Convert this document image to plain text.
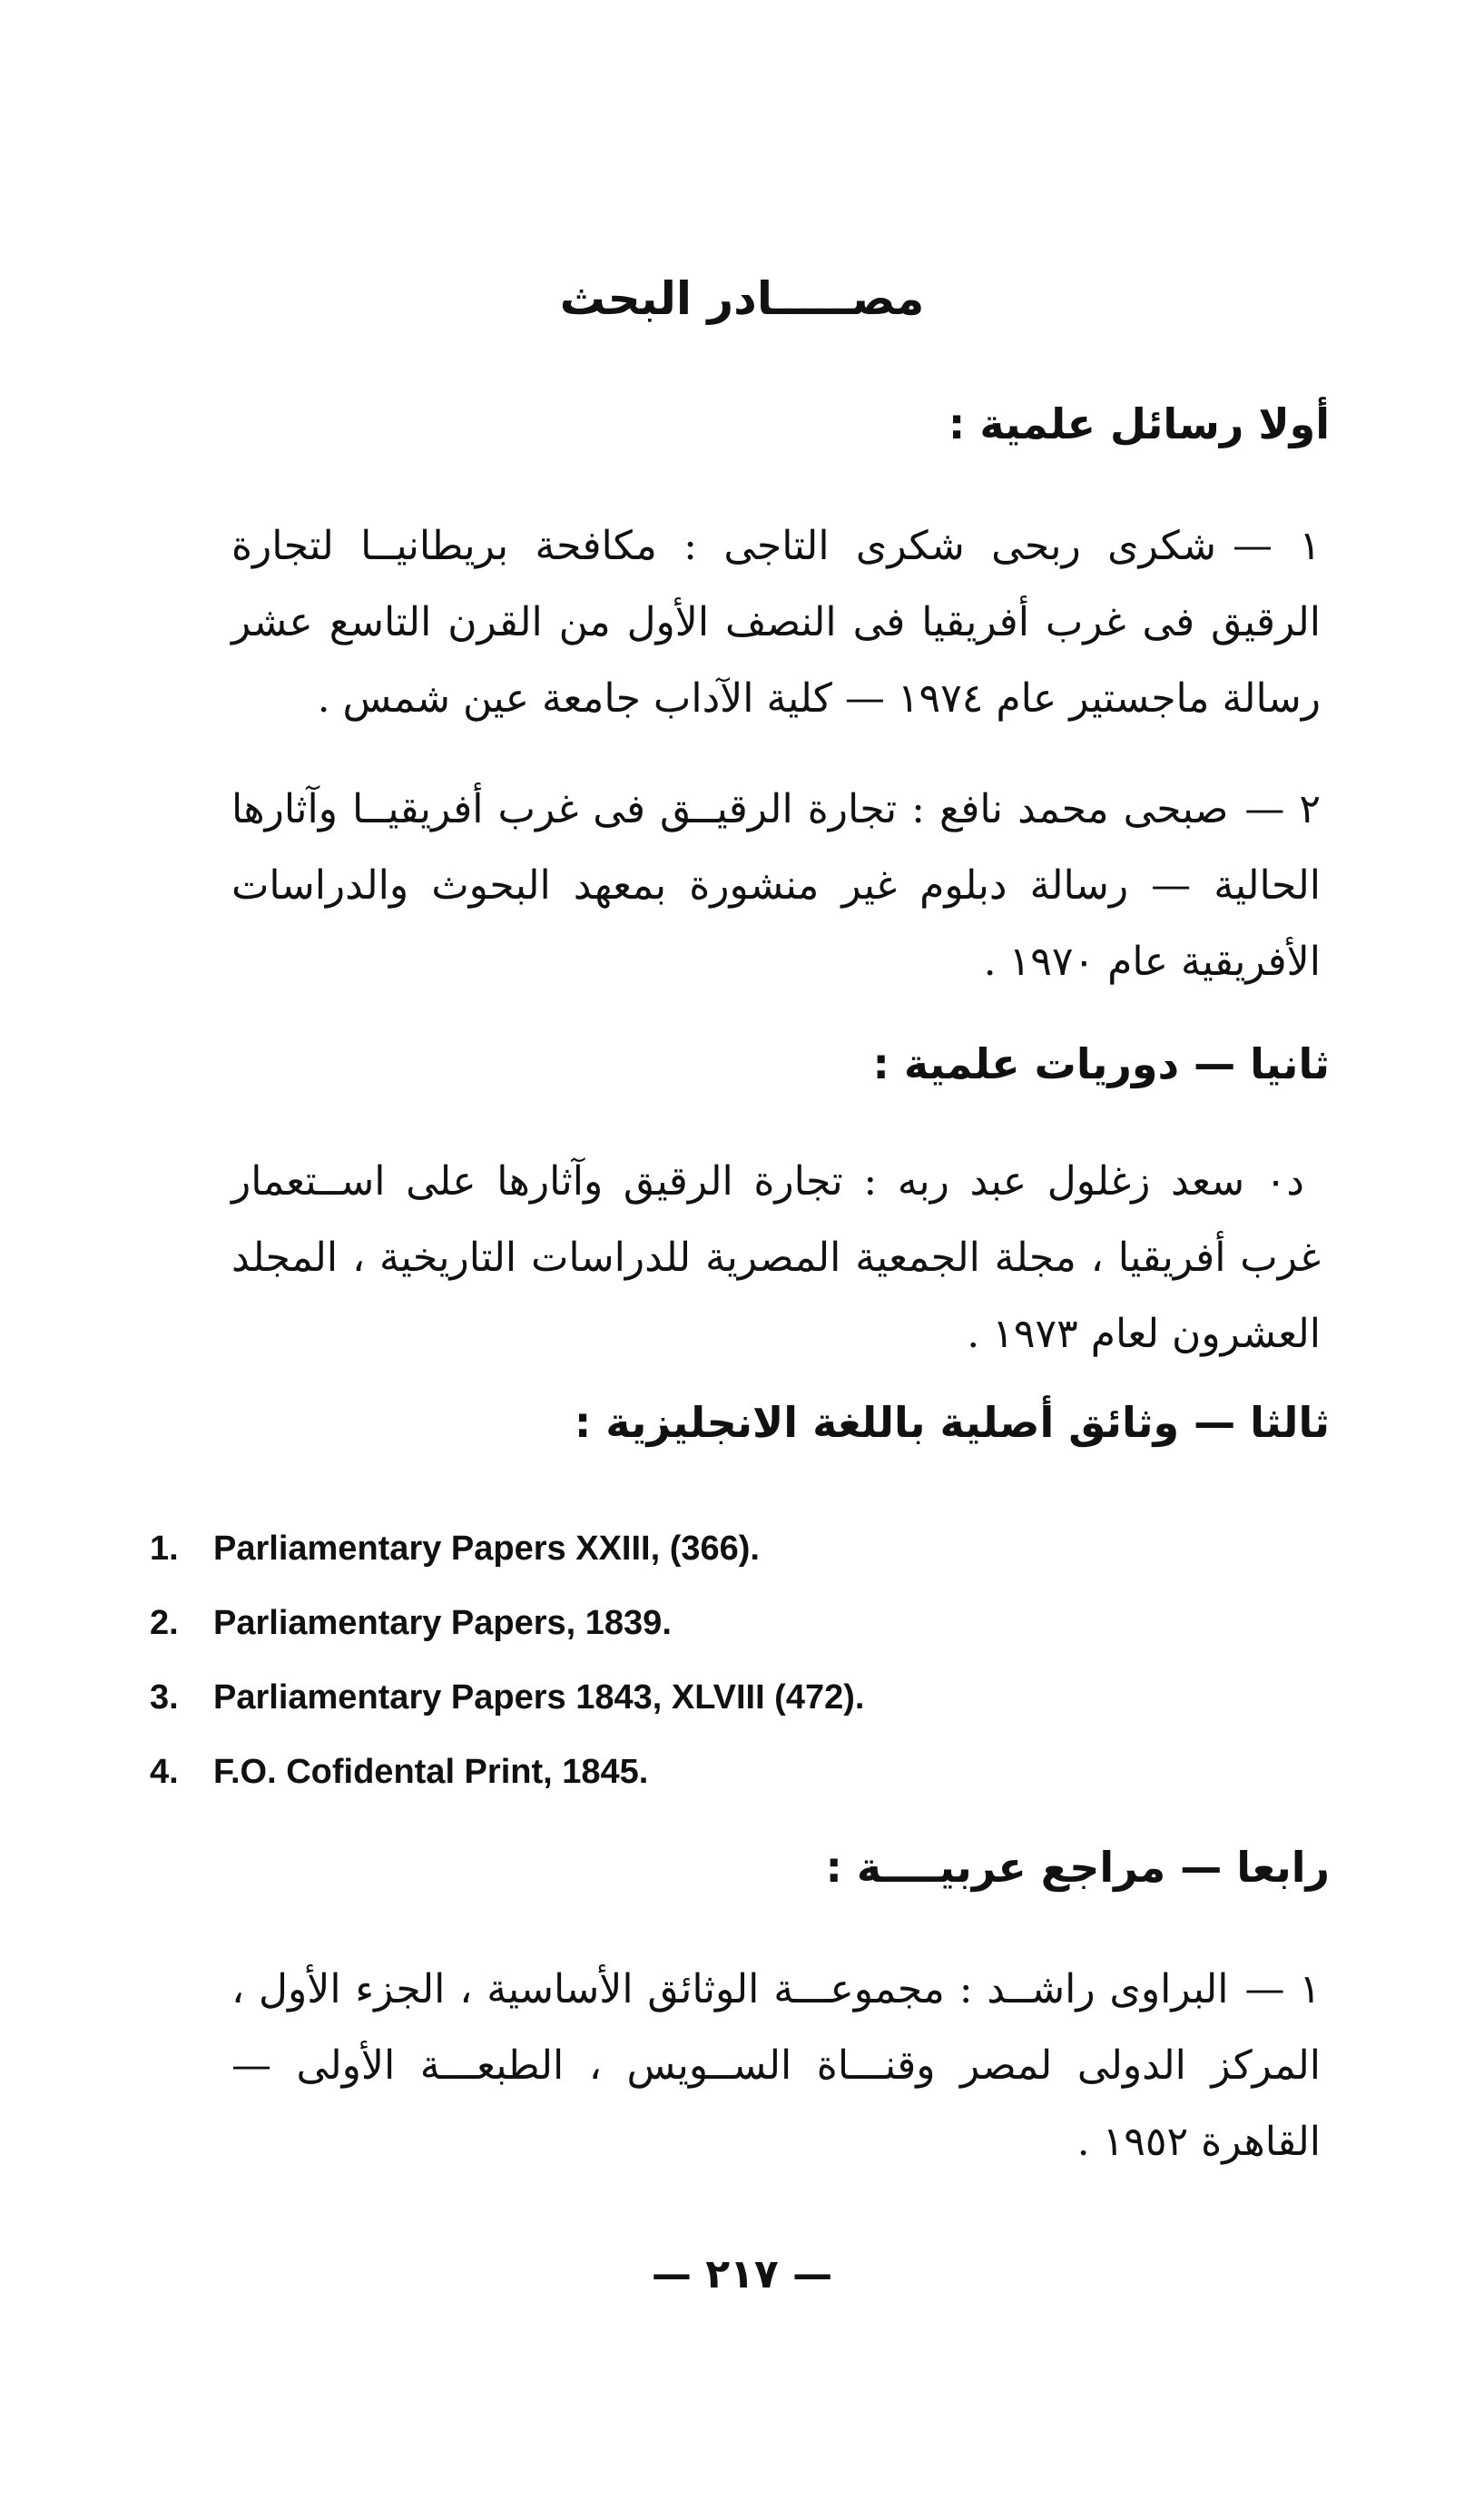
مصـــــادر البحث
أولا رسائل علمية :
١ —شكرى ربحى شكرى التاجى : مكافحة بريطانيــا لتجارة الرقيق فى غرب أفريقيا فى النصف الأول من القرن التاسع عشر رسالة ماجستير عام ١٩٧٤ — كلية الآداب جامعة عين شمس .
٢ —صبحى محمد نافع : تجارة الرقيــق فى غرب أفريقيــا وآثارها الحالية — رسالة دبلوم غير منشورة بمعهد البحوث والدراسات الأفريقية عام ١٩٧٠ .
ثانيا — دوريات علمية :
د٠ سعد زغلول عبد ربه : تجارة الرقيق وآثارها على اســتعمار غرب أفريقيا ، مجلة الجمعية المصرية للدراسات التاريخية ، المجلد العشرون لعام ١٩٧٣ .
ثالثا — وثائق أصلية باللغة الانجليزية :
1. Parliamentary Papers XXIII, (366).
2. Parliamentary Papers, 1839.
3. Parliamentary Papers 1843, XLVIII (472).
4. F.O. Cofidental Print, 1845.
رابعا — مراجع عربيــــة :
١ —البراوى راشــد : مجموعـــة الوثائق الأساسية ، الجزء الأول ، المركز الدولى لمصر وقنـــاة الســويس ، الطبعـــة الأولى — القاهرة ١٩٥٢ .
— ٢١٧ —
